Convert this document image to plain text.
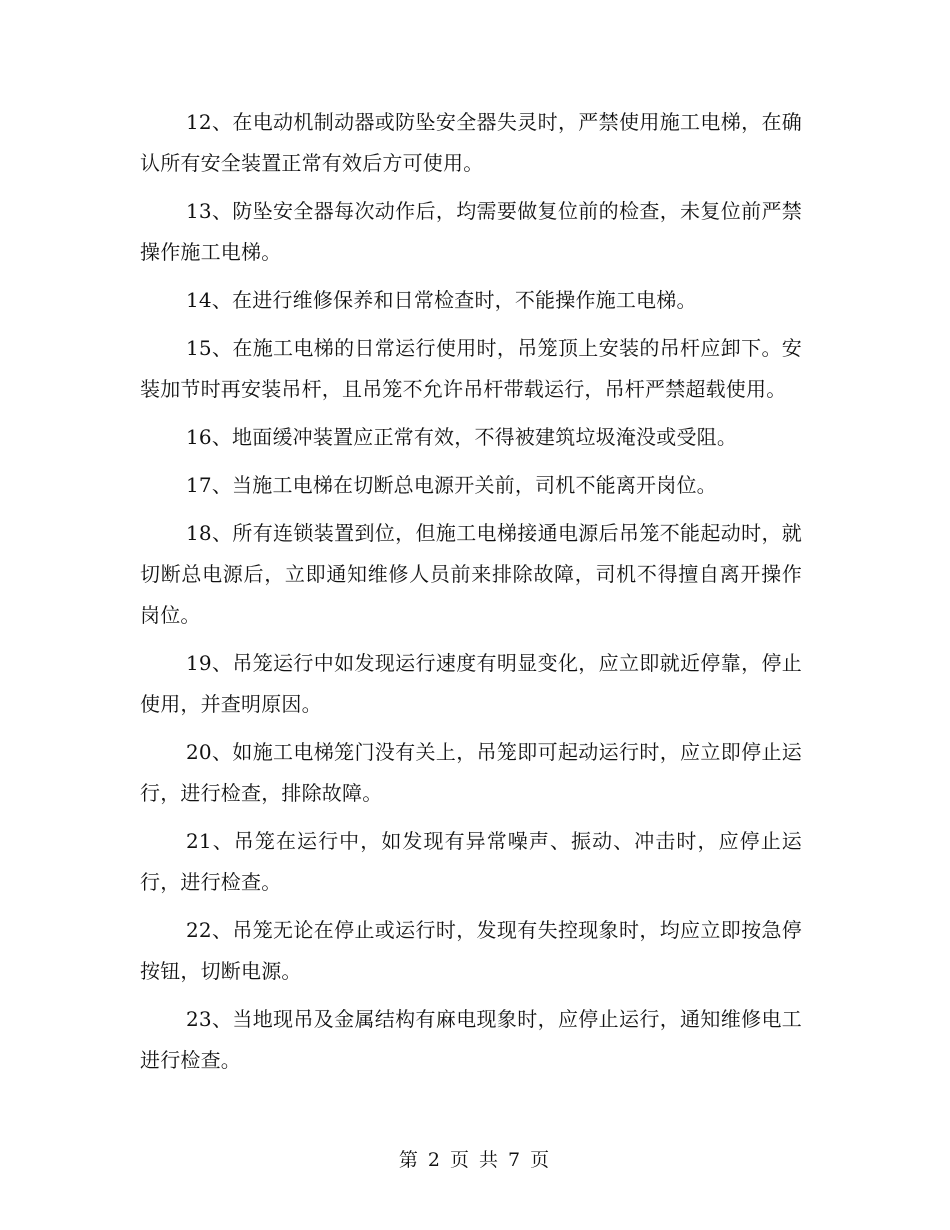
12、在电动机制动器或防坠安全器失灵时，严禁使用施工电梯，在确认所有安全装置正常有效后方可使用。

13、防坠安全器每次动作后，均需要做复位前的检查，未复位前严禁操作施工电梯。

14、在进行维修保养和日常检查时，不能操作施工电梯。

15、在施工电梯的日常运行使用时，吊笼顶上安装的吊杆应卸下。安装加节时再安装吊杆，且吊笼不允许吊杆带载运行，吊杆严禁超载使用。

16、地面缓冲装置应正常有效，不得被建筑垃圾淹没或受阻。

17、当施工电梯在切断总电源开关前，司机不能离开岗位。

18、所有连锁装置到位，但施工电梯接通电源后吊笼不能起动时，就切断总电源后，立即通知维修人员前来排除故障，司机不得擅自离开操作岗位。

19、吊笼运行中如发现运行速度有明显变化，应立即就近停靠，停止使用，并查明原因。

20、如施工电梯笼门没有关上，吊笼即可起动运行时，应立即停止运行，进行检查，排除故障。

21、吊笼在运行中，如发现有异常噪声、振动、冲击时，应停止运行，进行检查。

22、吊笼无论在停止或运行时，发现有失控现象时，均应立即按急停按钮，切断电源。

23、当地现吊及金属结构有麻电现象时，应停止运行，通知维修电工进行检查。

第 2 页 共 7 页
